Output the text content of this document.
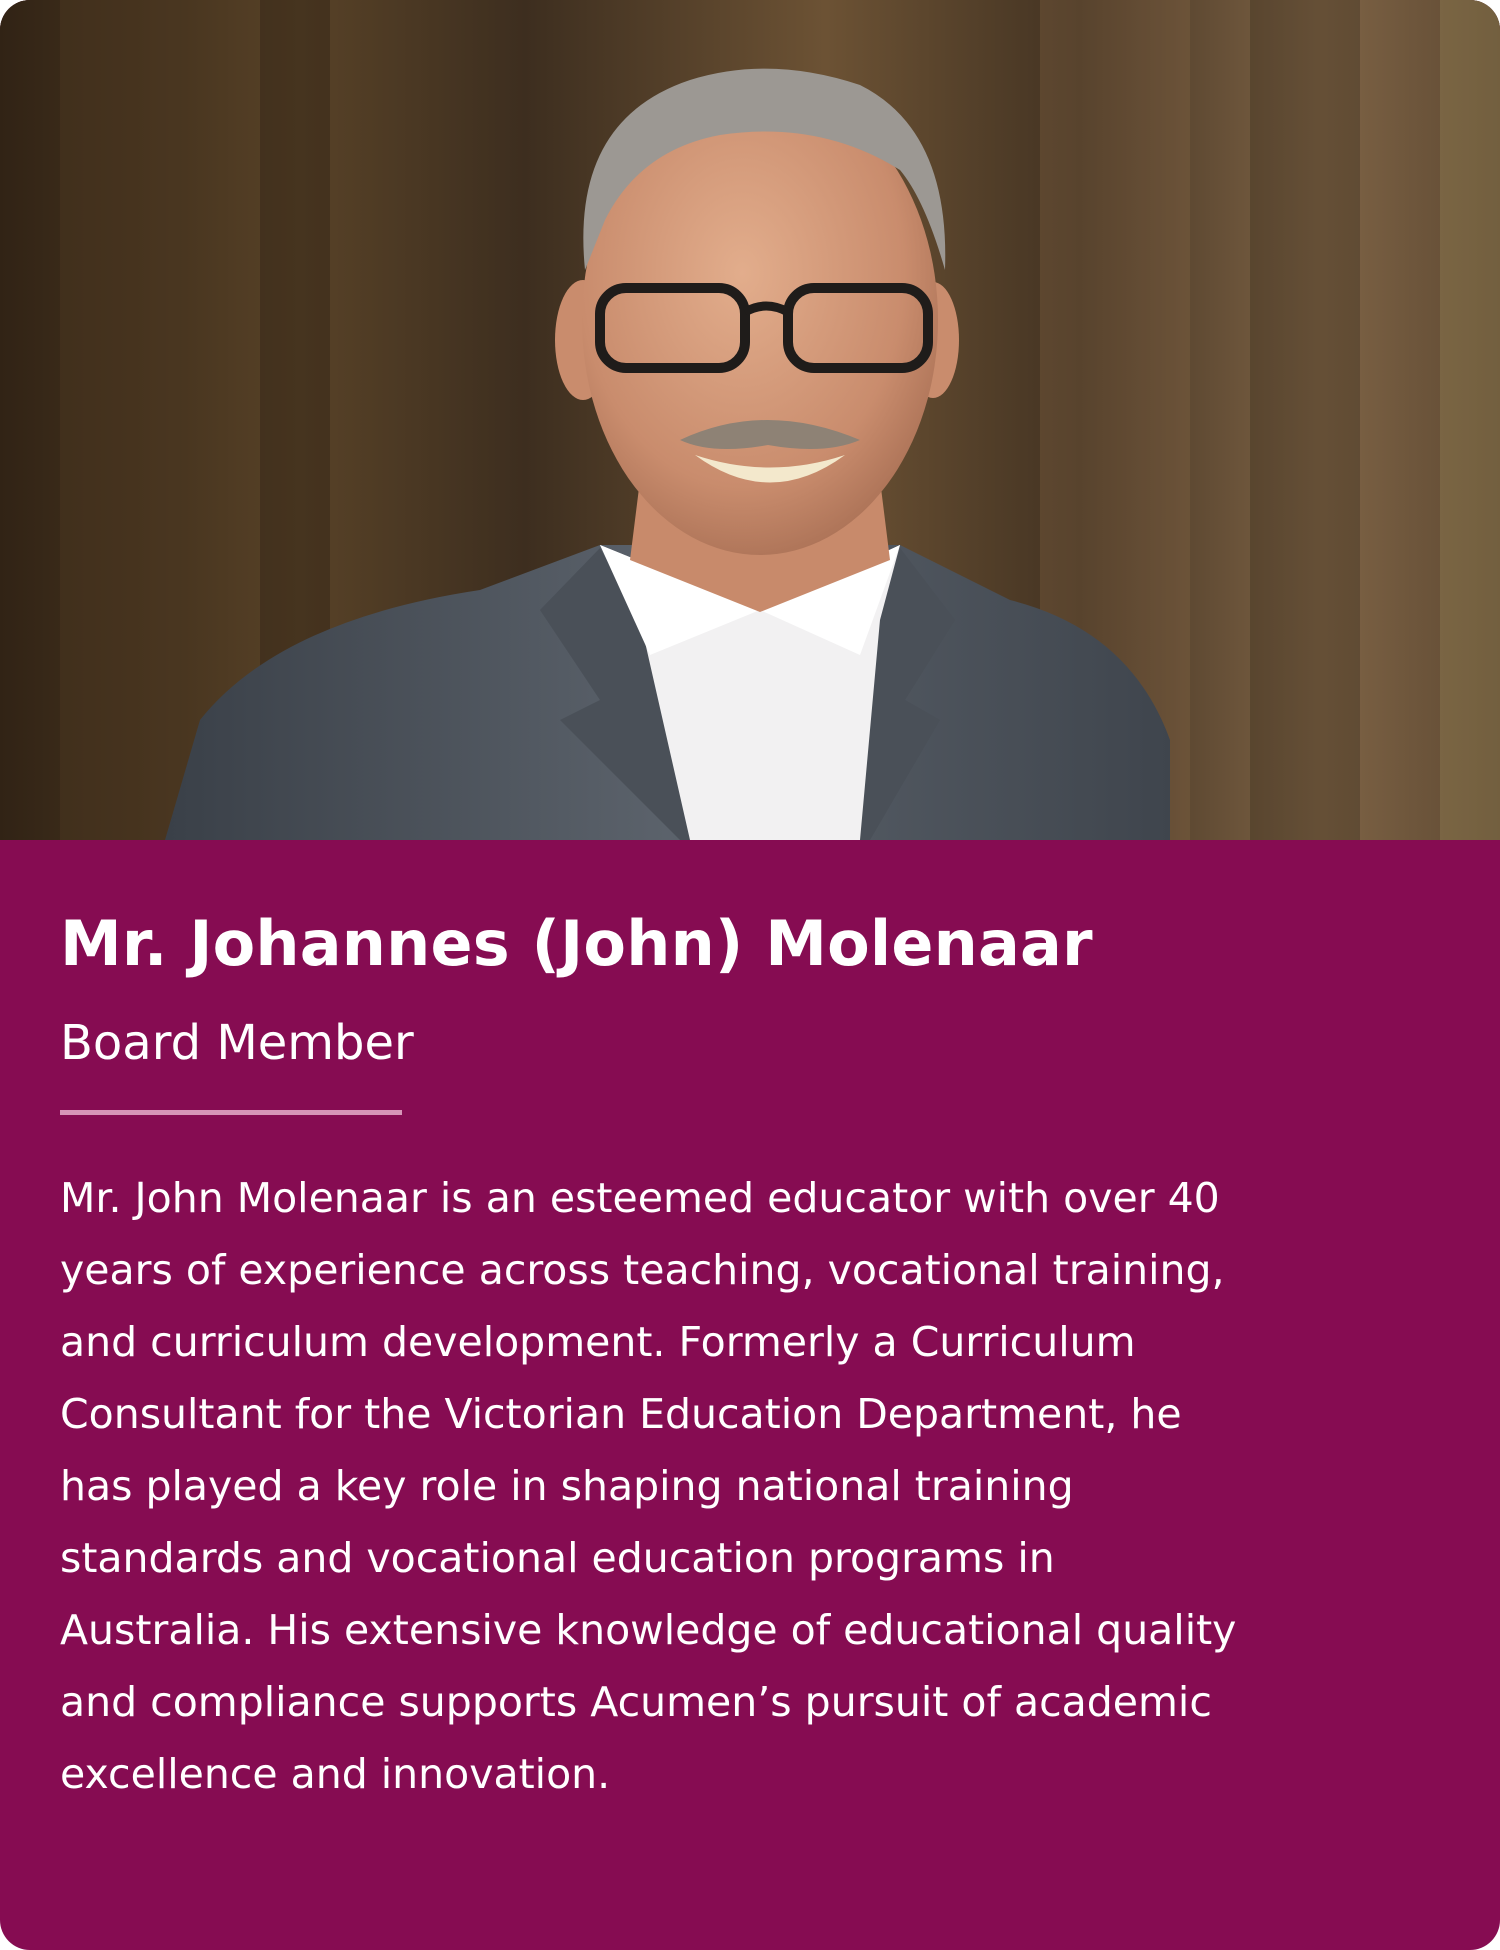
Mr. Johannes (John) Molenaar

Board Member

Mr. John Molenaar is an esteemed educator with over 40
years of experience across teaching, vocational training,
and curriculum development. Formerly a Curriculum
Consultant for the Victorian Education Department, he
has played a key role in shaping national training
standards and vocational education programs in
Australia. His extensive knowledge of educational quality
and compliance supports Acumen’s pursuit of academic
excellence and innovation.
